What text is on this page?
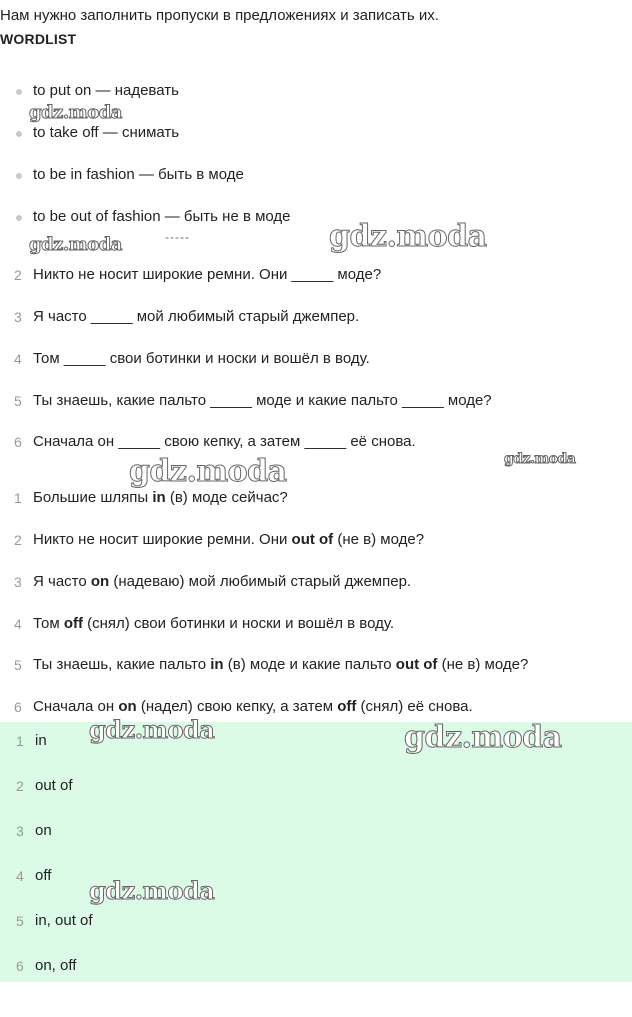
Нам нужно заполнить пропуски в предложениях и записать их.
WORDLIST
to put on — надевать
to take off — снимать
to be in fashion — быть в моде
to be out of fashion — быть не в моде
2 Никто не носит широкие ремни. Они _____ моде?
3 Я часто _____ мой любимый старый джемпер.
4 Том _____ свои ботинки и носки и вошёл в воду.
5 Ты знаешь, какие пальто _____ моде и какие пальто _____ моде?
6 Сначала он _____ свою кепку, а затем _____ её снова.
1 Большие шляпы in (в) моде сейчас?
2 Никто не носит широкие ремни. Они out of (не в) моде?
3 Я часто on (надеваю) мой любимый старый джемпер.
4 Том off (снял) свои ботинки и носки и вошёл в воду.
5 Ты знаешь, какие пальто in (в) моде и какие пальто out of (не в) моде?
6 Сначала он on (надел) свою кепку, а затем off (снял) её снова.
1 in
2 out of
3 on
4 off
5 in, out of
6 on, off
gdz.moda
gdz.moda	-----	gdz.moda
gdz.moda	gdz.moda
gdz.moda	gdz.moda
gdz.moda
